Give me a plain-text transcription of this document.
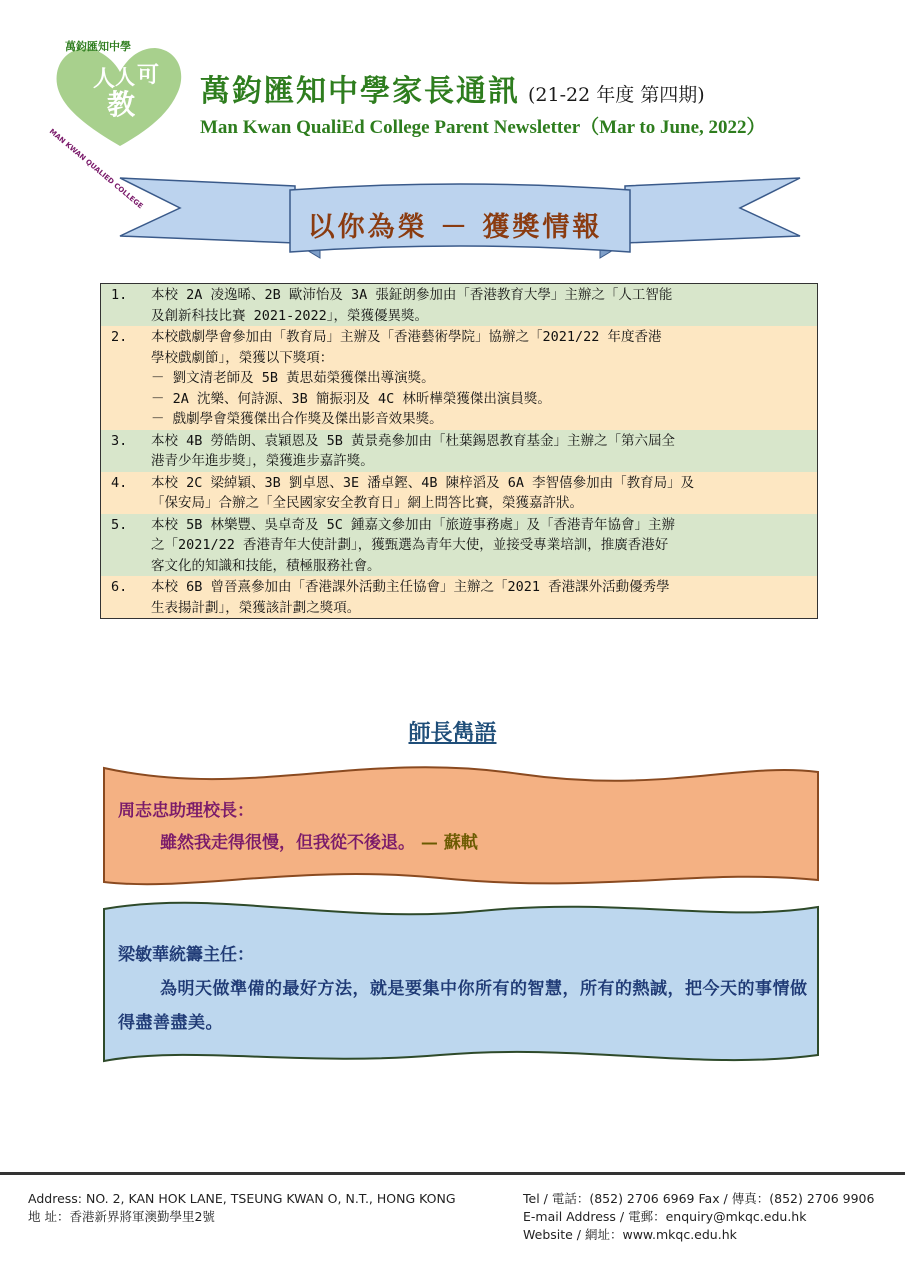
人 人 可
教
萬鈞匯知中學
MAN KWAN QUALIED COLLEGE
萬鈞匯知中學家長通訊 (21-22 年度 第四期)
Man Kwan QualiEd College Parent Newsletter（Mar to June, 2022）
以你為榮 － 獲獎情報
1.	本校 2A 凌逸晞、2B 歐沛怡及 3A 張鉦朗參加由「香港教育大學」主辦之「人工智能
及創新科技比賽 2021-2022」，榮獲優異獎。

2.	本校戲劇學會參加由「教育局」主辦及「香港藝術學院」協辦之「2021/22 年度香港
學校戲劇節」，榮獲以下獎項：
－ 劉文清老師及 5B 黃思茹榮獲傑出導演獎。
－ 2A 沈樂、何詩源、3B 簡振羽及 4C 林昕樺榮獲傑出演員獎。
－ 戲劇學會榮獲傑出合作獎及傑出影音效果獎。

3.	本校 4B 勞皓朗、袁穎恩及 5B 黃景堯參加由「杜葉錫恩教育基金」主辦之「第六屆全
港青少年進步獎」，榮獲進步嘉許獎。

4.	本校 2C 梁綽穎、3B 劉卓恩、3E 潘卓鏗、4B 陳梓滔及 6A 李智僖參加由「教育局」及
「保安局」合辦之「全民國家安全教育日」網上問答比賽，榮獲嘉許狀。

5.	本校 5B 林樂豐、吳卓奇及 5C 鍾嘉文參加由「旅遊事務處」及「香港青年協會」主辦
之「2021/22 香港青年大使計劃」，獲甄選為青年大使，並接受專業培訓，推廣香港好
客文化的知識和技能，積極服務社會。

6.	本校 6B 曾晉熹參加由「香港課外活動主任協會」主辦之「2021 香港課外活動優秀學
生表揚計劃」，榮獲該計劃之獎項。
師長雋語
周志忠助理校長：
雖然我走得很慢，但我從不後退。 — 蘇軾
梁敏華統籌主任：
為明天做準備的最好方法，就是要集中你所有的智慧，所有的熱誠，把今天的事情做得盡善盡美。
Address: NO. 2, KAN HOK LANE, TSEUNG KWAN O, N.T., HONG KONG
地 址：香港新界將軍澳勤學里2號
Tel / 電話：(852) 2706 6969 Fax / 傳真：(852) 2706 9906
E-mail Address / 電郵：enquiry@mkqc.edu.hk
Website / 網址：www.mkqc.edu.hk
